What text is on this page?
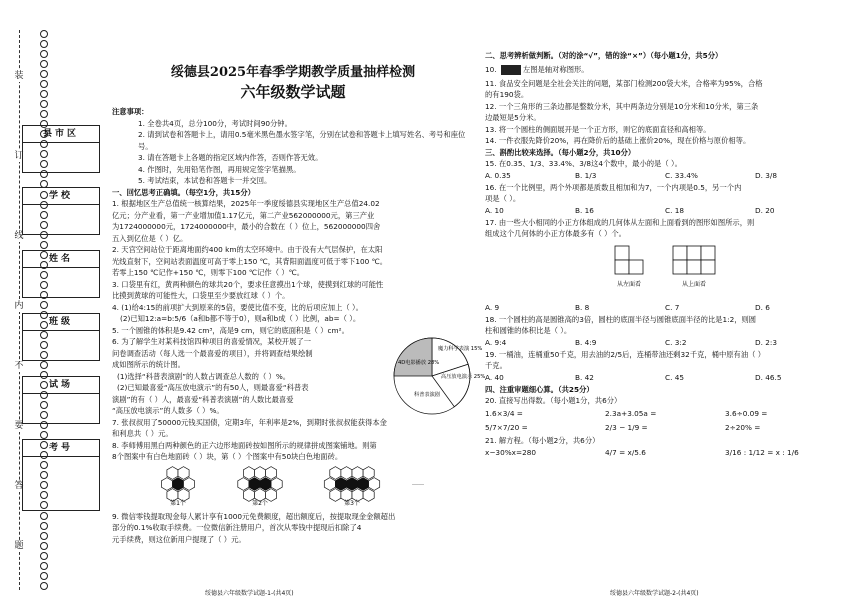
装
订
线
内
不
要
答
题
县市区
学校
姓名
班级
试场
考号

绥德县2025年春季学期教学质量抽样检测

六年级数学试题

注意事项：

1. 全卷共4页，总分100分，考试时间90分钟。

2. 请到试卷和答题卡上，请用0.5毫米黑色墨水签字笔，分别在试卷和答题卡上填写姓名、考号和座位号。

3. 请在答题卡上各题的指定区域内作答，否则作答无效。

4. 作图时，先用铅笔作图，再用规定签字笔描黑。

5. 考试结束，本试卷和答题卡一并交回。

一、回忆思考正确填。（每空1分，共15分）

1. 根据地区生产总值统一核算结果，2025年一季度绥德县实现地区生产总值24.02

亿元；分产业看，第一产业增加值1.17亿元，第二产业562000000元，第三产业

为1724000000元，1724000000中，最小的合数在（ ）位上，562000000四舍

五入到亿位是（ ）亿。

2. 天宫空间站位于距离地面约400 km的太空环境中。由于没有大气层保护，在太阳

光线直射下，空间站表面温度可高于零上150 ℃，其背阳面温度可低于零下100 ℃。

若零上150 ℃记作+150 ℃，则零下100 ℃记作（ ）℃。

3. 口袋里有红，黄两种颜色的球共20个，要求任意摸出1个球，使摸到红球的可能性

比摸到黄球的可能性大，口袋里至少要放红球（ ）个。

4. (1)给4:15的前项扩大到原来的5倍，要使比值不变，比的后项应加上（ ）。

(2)已知12:a=b:5/6（a和b都不等于0），则a和b成（ ）比例，ab=（ ）。

5. 一个圆锥的体积是9.42 cm³，高是9 cm，则它的底面积是（ ）cm²。

6. 为了解学生对某科技馆四种项目的喜爱情况，某校开展了一

问卷调查活动（每人选一个最喜爱的项目），并将调查结果绘制

成如图所示的统计图。

(1)选择“科普表演剧”的人数占调查总人数的（ ）%。

(2)已知最喜爱“高压放电演示”的有50人，则最喜爱“科普表

演剧”的有（ ）人，最喜爱“科普表演剧”的人数比最喜爱

“高压放电演示”的人数多（ ）%。

魔力科学表演 15%
高压放电演示 25%
4D电影播放 28%
科普表演剧

7. 张叔叔用了50000元钱买国债，定期3年，年利率是2%，到期时张叔叔能获得本金

和利息共（ ）元。

8. 李师傅用黑白两种颜色的正六边形地面砖按如图所示的规律拼成图案铺地。则第

8个图案中有白色地面砖（ ）块，第（ ）个图案中有50块白色地面砖。

第1个	第2个	第3个
……

9. 微信零钱提取现金每人累计享有1000元免费额度，超出额度后，按提取现金金额超出

部分的0.1%收取手续费。一位微信新注册用户，首次从零钱中提现后扣除了4

元手续费，则这位新用户提现了（ ）元。

绥德县六年级数学试题-1-(共4页)

二、思考辨析做判断。（对的涂“√”，错的涂“×”）（每小题1分，共5分）

10.	左图是轴对称图形。

11. 食品安全问题是全社会关注的问题，某部门检测200袋大米，合格率为95%，合格

的有190袋。

12. 一个三角形的三条边都是整数分米，其中两条边分别是10分米和10分米，第三条

边最短是5分米。

13. 将一个圆柱的侧面展开是一个正方形，则它的底面直径和高相等。

14. 一件衣服先降价20%，再在降价后的基础上涨价20%，现在价格与原价相等。

三、斟酌比较来选择。（每小题2分，共10分）

15. 在0.35、1/3、33.4%、3/8这4个数中，最小的是（ ）。

A. 0.35	B. 1/3	C. 33.4%	D. 3/8

16. 在一个比例里，两个外项都是质数且相加和为7，一个内项是0.5，另一个内

项是（ ）。

A. 10	B. 16	C. 18	D. 20

17. 由一些大小相同的小正方体组成的几何体从左面和上面看到的图形如图所示，则

组成这个几何体的小正方体最多有（ ）个。

从左面看	从上面看
A. 9	B. 8	C. 7	D. 6

18. 一个圆柱的高是圆锥高的3倍，圆柱的底面半径与圆锥底面半径的比是1:2，则圆

柱和圆锥的体积比是（ ）。

A. 9:4	B. 4:9	C. 3:2	D. 2:3

19. 一桶油，连桶重50千克，用去油的2/5后，连桶带油还剩32千克，桶中原有油（ ）

千克。

A. 40	B. 42	C. 45	D. 46.5

四、注重审题细心算。（共25分）

20. 直接写出得数。（每小题1分，共6分）

1.6×3/4 =	2.3a+3.05a =	3.6÷0.09 =
5/7×7/20 =	2/3 − 1/9 =	2÷20% =

21. 解方程。（每小题2分，共6分）

x−30%x=280	4/7 = x/5.6	3/16 : 1/12 = x : 1/6
绥德县六年级数学试题-2-(共4页)
